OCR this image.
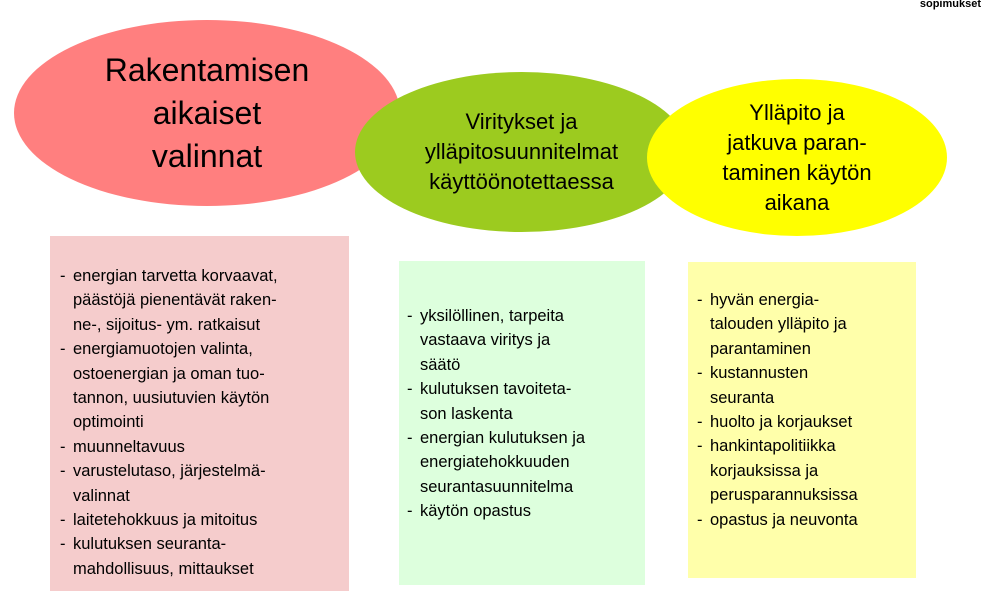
sopimukset
Rakentamisen
aikaiset
valinnat
Viritykset ja
ylläpitosuunnitelmat
käyttöönotettaessa
Ylläpito ja
jatkuva paran-
taminen käytön
aikana
- energian tarvetta korvaavat,
päästöjä pienentävät raken-
ne-, sijoitus- ym. ratkaisut
- energiamuotojen valinta,
ostoenergian ja oman tuo-
tannon, uusiutuvien käytön
optimointi
- muunneltavuus
- varustelutaso, järjestelmä-
valinnat
- laitetehokkuus ja mitoitus
- kulutuksen seuranta-
mahdollisuus, mittaukset
- yksilöllinen, tarpeita
vastaava viritys ja
säätö
- kulutuksen tavoiteta-
son laskenta
- energian kulutuksen ja
energiatehokkuuden
seurantasuunnitelma
- käytön opastus
- hyvän energia-
talouden ylläpito ja
parantaminen
- kustannusten
seuranta
- huolto ja korjaukset
- hankintapolitiikka
korjauksissa ja
perusparannuksissa
- opastus ja neuvonta
